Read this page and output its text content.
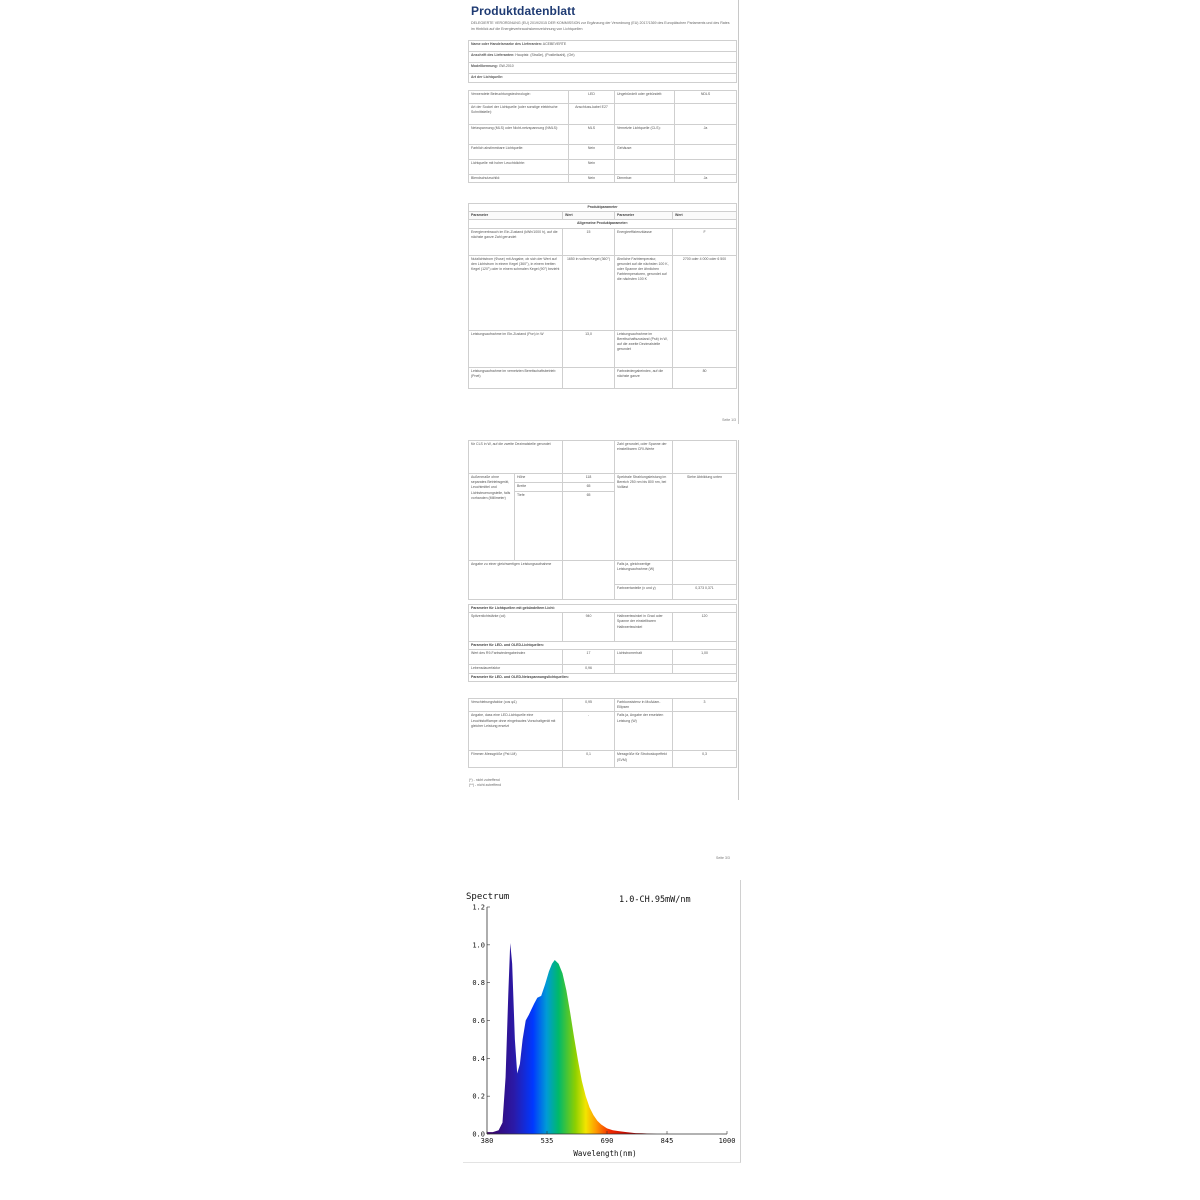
Produktdatenblatt
DELEGIERTE VERORDNUNG (EU) 2019/2015 DER KOMMISSION zur Ergänzung der Verordnung (EU) 2017/1369 des Europäischen Parlaments und des Rates im Hinblick auf die Energieverbrauchskennzeichnung von Lichtquellen
Name oder Handelsmarke des Lieferanten: ACEBEVERTE
Anschrift des Lieferanten: Hauptstr. (Straße), (Postleitzahl), (Ort)
Modellkennung: GW-2010
Art der Lichtquelle:
Verwendete Beleuchtungstechnologie:	LED	Ungebündelt oder gebündelt:	NDLS
Art der Sockel der Lichtquelle (oder sonstige elektrische Schnittstelle):	Anschluss-kabel E27		
Netzspannung (MLS) oder Nicht-netzspannung (NMLS):	MLS	Vernetzte Lichtquelle (CLS):	Ja
Farblich abstimmbare Lichtquelle:	Nein	Gehäuse:	
Lichtquelle mit hoher Leuchtdichte:	Nein		
Blendschutzschild:	Nein	Dimmbar:	Ja
Produktparameter			
Parameter	Wert	Parameter	Wert
Allgemeine Produktparameter:			
Energieverbrauch im Ein-Zustand (kWh/1000 h), auf die nächste ganze Zahl gerundet	15	Energieeffizienzklasse	F
Nutzlichtstrom (Φuse) mit Angabe, ob sich der Wert auf den Lichtstrom in einem Kegel (360°), in einem breiten Kegel (120°) oder in einem schmalen Kegel (90°) bezieht	1650 in vollem Kegel (360°)	Ähnliche Farbtemperatur, gerundet auf die nächsten 100 K, oder Spanne der ähnlichen Farbtemperaturen, gerundet auf die nächsten 100 K	2700 oder 4 000 oder 6 500
Leistungsaufnahme im Ein-Zustand (Pon) in W	13,0	Leistungsaufnahme im Bereitschaftszustand (Psb) in W, auf die zweite Dezimalstelle gerundet	
Leistungsaufnahme im vernetzten Bereitschaftsbetrieb (Pnet)		Farbwiedergabeindex, auf die nächste ganze	80
Seite 1/3
für CLS in W, auf die zweite Dezimalstelle gerundet			Zahl gerundet, oder Spanne der einstellbaren CRI-Werte	
Außenmaße ohne separates Betriebsgerät, Leuchtmittel und Lichtsteuerungsteile, falls vorhanden (Millimeter)	Höhe	118	Spektrale Strahlungsleistung im Bereich 250 nm bis 800 nm, bei Volllast	Siehe Abbildung unten
	Breite	65		
	Tiefe	65		
Angabe zu einer gleichwertigen Leistungsaufnahme			Falls ja, gleichwertige Leistungsaufnahme (W)	
			Farbwertanteile (x und y)	0,373 0,371
Parameter für Lichtquellen mit gebündeltem Licht:			
Spitzenlichtstärke (cd)	940	Halbwertswinkel in Grad oder Spanne der einstellbaren Halbwertswinkel	120
Parameter für LED- und OLED-Lichtquellen:			
Wert des R9-Farbwiedergabeindex	17	Lichtstromerhalt	1,00
Lebensdauerfaktor	0,96		
Parameter für LED- und OLED-Netzspannungslichtquellen:			
Verschiebungsfaktor (cos φ1)	0,95	Farbkonsistenz in McAdam-Ellipsen	3
Angabe, dass eine LED-Lichtquelle eine Leuchtstofflampe ohne eingebautes Vorschaltgerät mit gleicher Leistung ersetzt	-	Falls ja, Angabe der ersetzten Leistung (W)	
Flimmer-Messgröße (Pst LM)	0,1	Messgröße für Stroboskopeffekt (SVM)	0,3
(*) - nicht zutreffend
(**) - nicht zutreffend
Seite 3/3
0.0
0.2
0.4
0.6
0.8
1.0
1.2
380	535	690	845	1000
Spectrum	1.0-CH.95mW/nm
Wavelength(nm)
